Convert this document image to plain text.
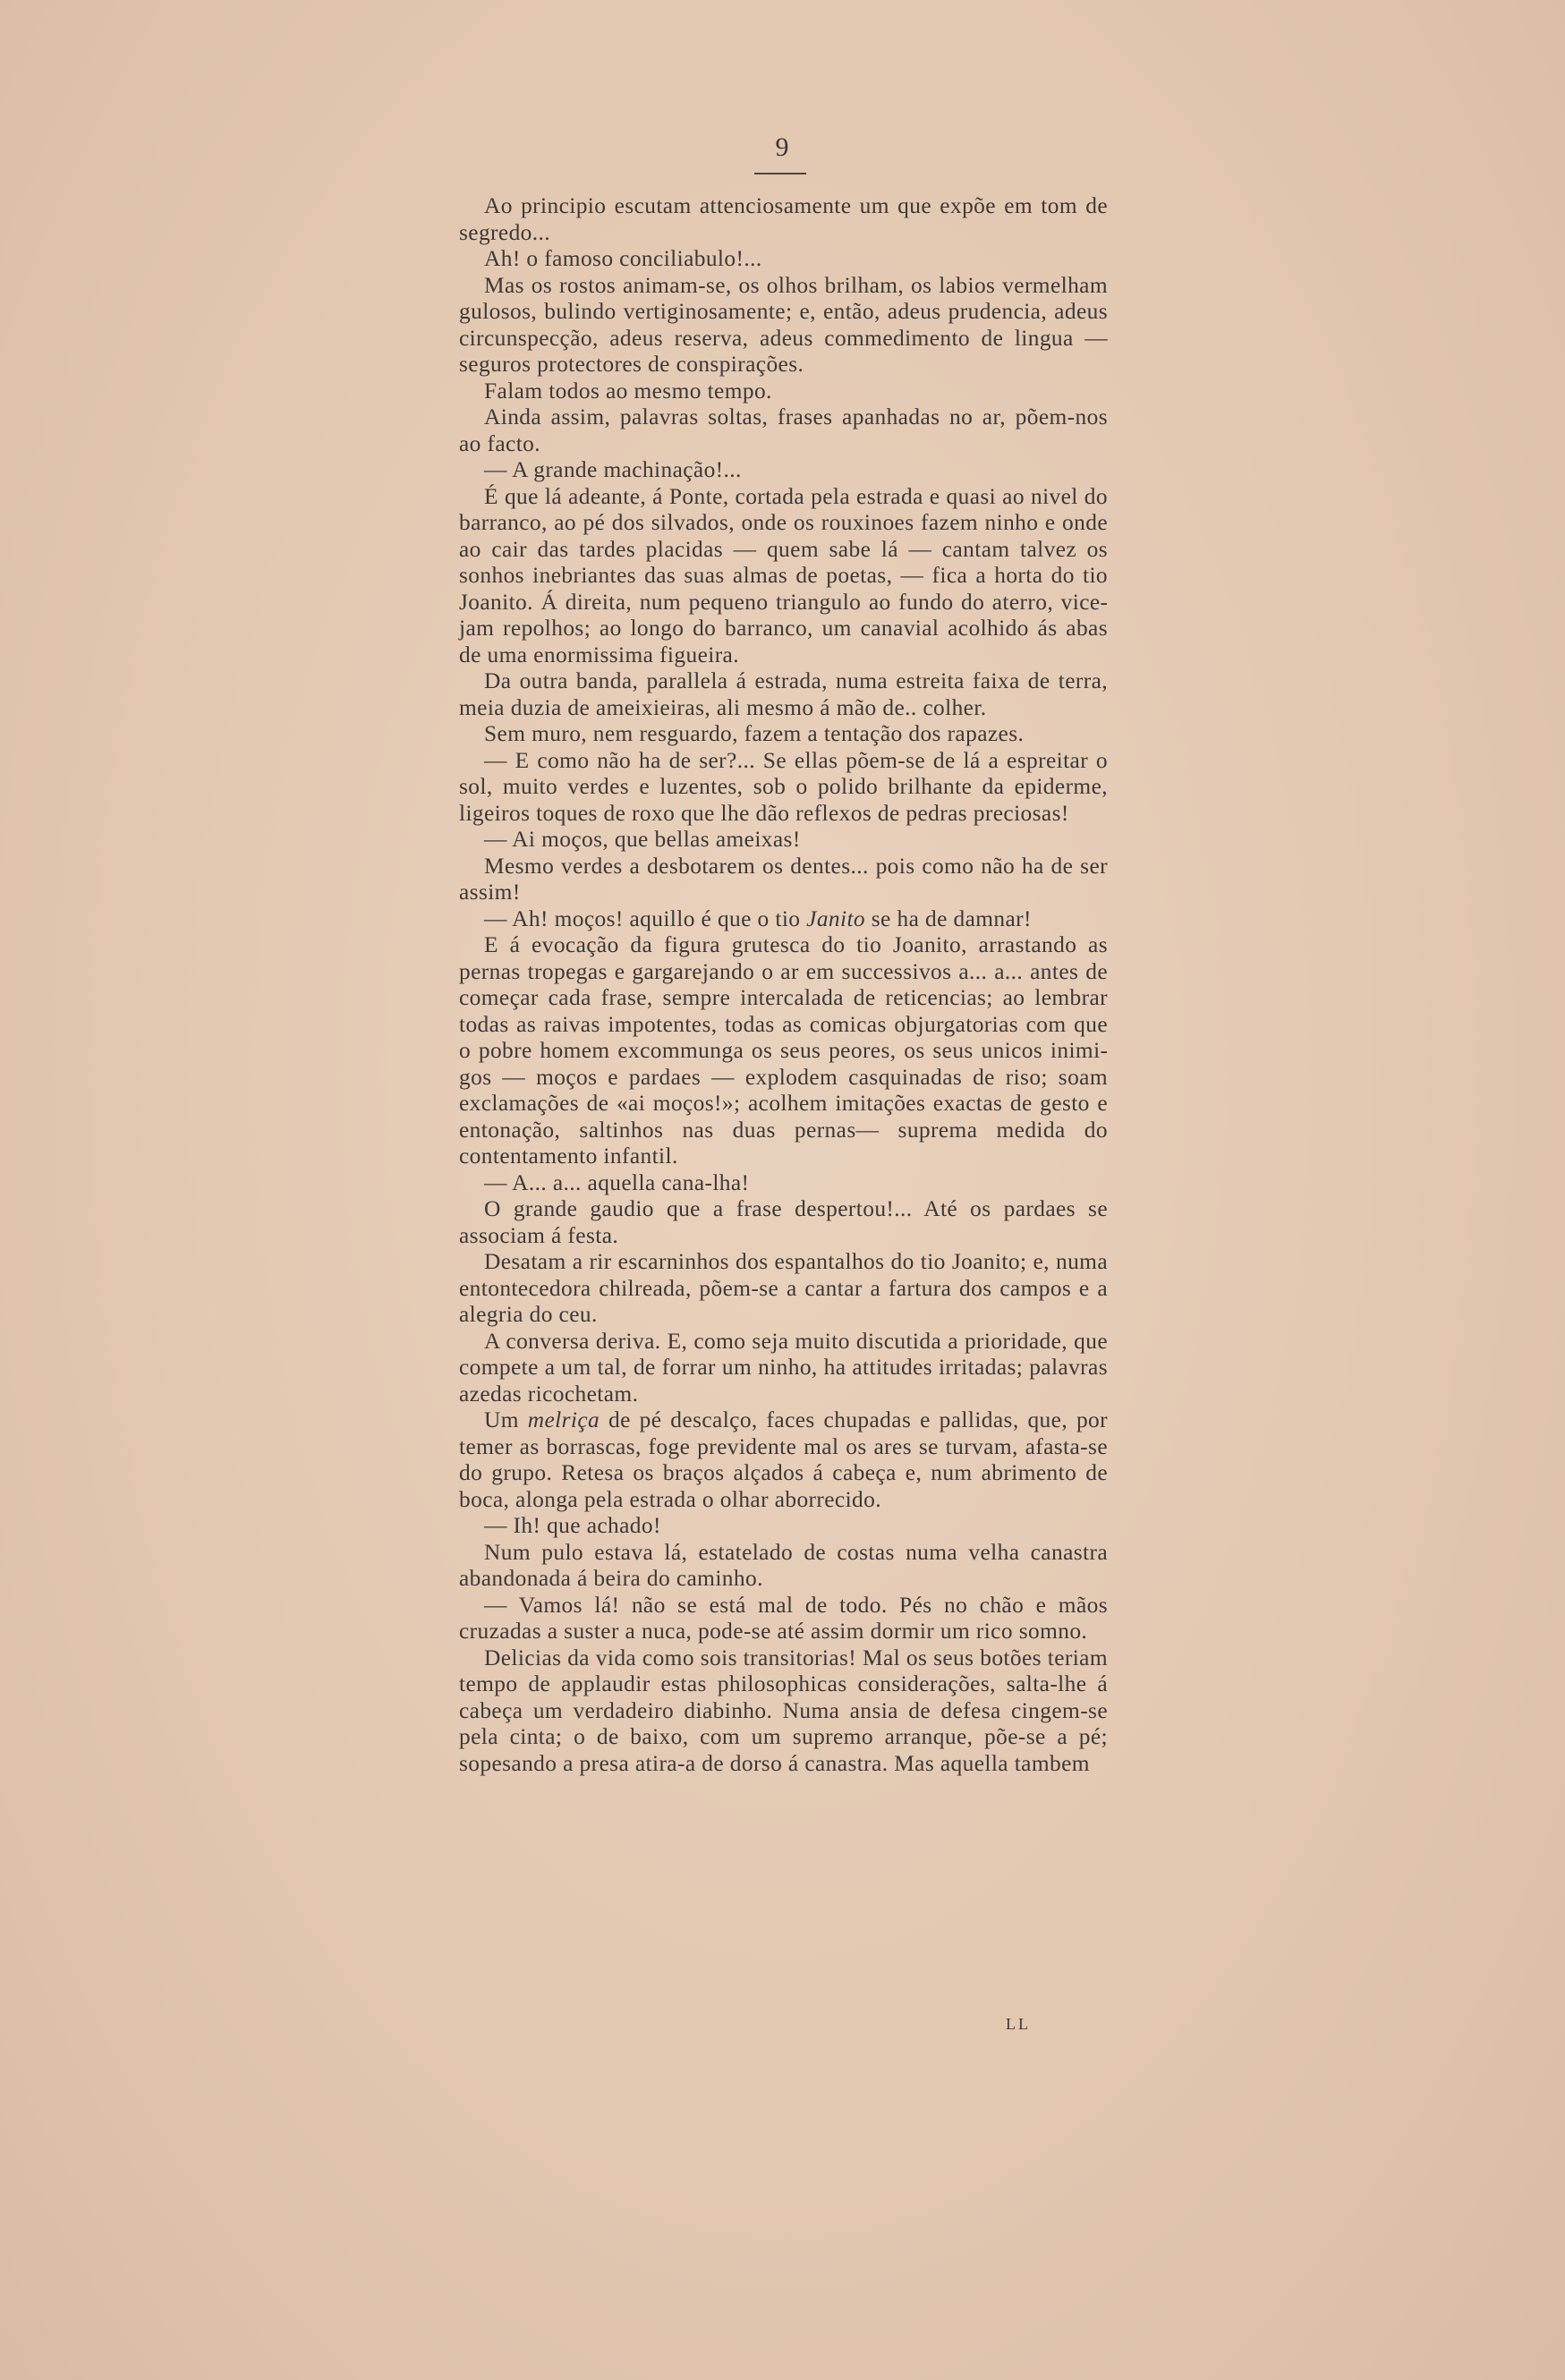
9

Ao principio escutam attenciosamente um que expõe em tom de segredo...

Ah! o famoso conciliabulo!...

Mas os rostos animam-se, os olhos brilham, os labios vermelham gulosos, bulindo vertiginosamente; e, então, adeus prudencia, adeus circunspecção, adeus reserva, adeus commedimento de lingua — seguros protectores de conspirações.

Falam todos ao mesmo tempo.

Ainda assim, palavras soltas, frases apanhadas no ar, põem-nos ao facto.

— A grande machinação!...

É que lá adeante, á Ponte, cortada pela estrada e quasi ao nivel do barranco, ao pé dos silvados, onde os rouxinoes fazem ninho e onde ao cair das tardes placidas — quem sabe lá — cantam talvez os sonhos inebriantes das suas almas de poetas, — fica a horta do tio Joanito. Á direita, num pequeno triangulo ao fundo do aterro, vicejam repolhos; ao longo do barranco, um canavial acolhido ás abas de uma enormissima figueira.

Da outra banda, parallela á estrada, numa estreita faixa de terra, meia duzia de ameixieiras, ali mesmo á mão de.. colher.

Sem muro, nem resguardo, fazem a tentação dos rapazes.

— E como não ha de ser?... Se ellas põem-se de lá a espreitar o sol, muito verdes e luzentes, sob o polido brilhante da epiderme, ligeiros toques de roxo que lhe dão reflexos de pedras preciosas!

— Ai moços, que bellas ameixas!

Mesmo verdes a desbotarem os dentes... pois como não ha de ser assim!

— Ah! moços! aquillo é que o tio Janito se ha de damnar!

E á evocação da figura grutesca do tio Joanito, arrastando as pernas tropegas e gargarejando o ar em successivos a... a... antes de começar cada frase, sempre intercalada de reticencias; ao lembrar todas as raivas impotentes, todas as comicas objurgatorias com que o pobre homem excommunga os seus peores, os seus unicos inimigos — moços e pardaes — explodem casquinadas de riso; soam exclamações de «ai moços!»; acolhem imitações exactas de gesto e entonação, saltinhos nas duas pernas— suprema medida do contentamento infantil.

— A... a... aquella cana-lha!

O grande gaudio que a frase despertou!... Até os pardaes se associam á festa.

Desatam a rir escarninhos dos espantalhos do tio Joanito; e, numa entontecedora chilreada, põem-se a cantar a fartura dos campos e a alegria do ceu.

A conversa deriva. E, como seja muito discutida a prioridade, que compete a um tal, de forrar um ninho, ha attitudes irritadas; palavras azedas ricochetam.

Um melriça de pé descalço, faces chupadas e pallidas, que, por temer as borrascas, foge previdente mal os ares se turvam, afasta-se do grupo. Retesa os braços alçados á cabeça e, num abrimento de boca, alonga pela estrada o olhar aborrecido.

— Ih! que achado!

Num pulo estava lá, estatelado de costas numa velha canastra abandonada á beira do caminho.

— Vamos lá! não se está mal de todo. Pés no chão e mãos cruzadas a suster a nuca, pode-se até assim dormir um rico somno.

Delicias da vida como sois transitorias! Mal os seus botões teriam tempo de applaudir estas philosophicas considerações, salta-lhe á cabeça um verdadeiro diabinho. Numa ansia de defesa cingem-se pela cinta; o de baixo, com um supremo arranque, põe-se a pé; sopesando a presa atira-a de dorso á canastra. Mas aquella tambem

LL
